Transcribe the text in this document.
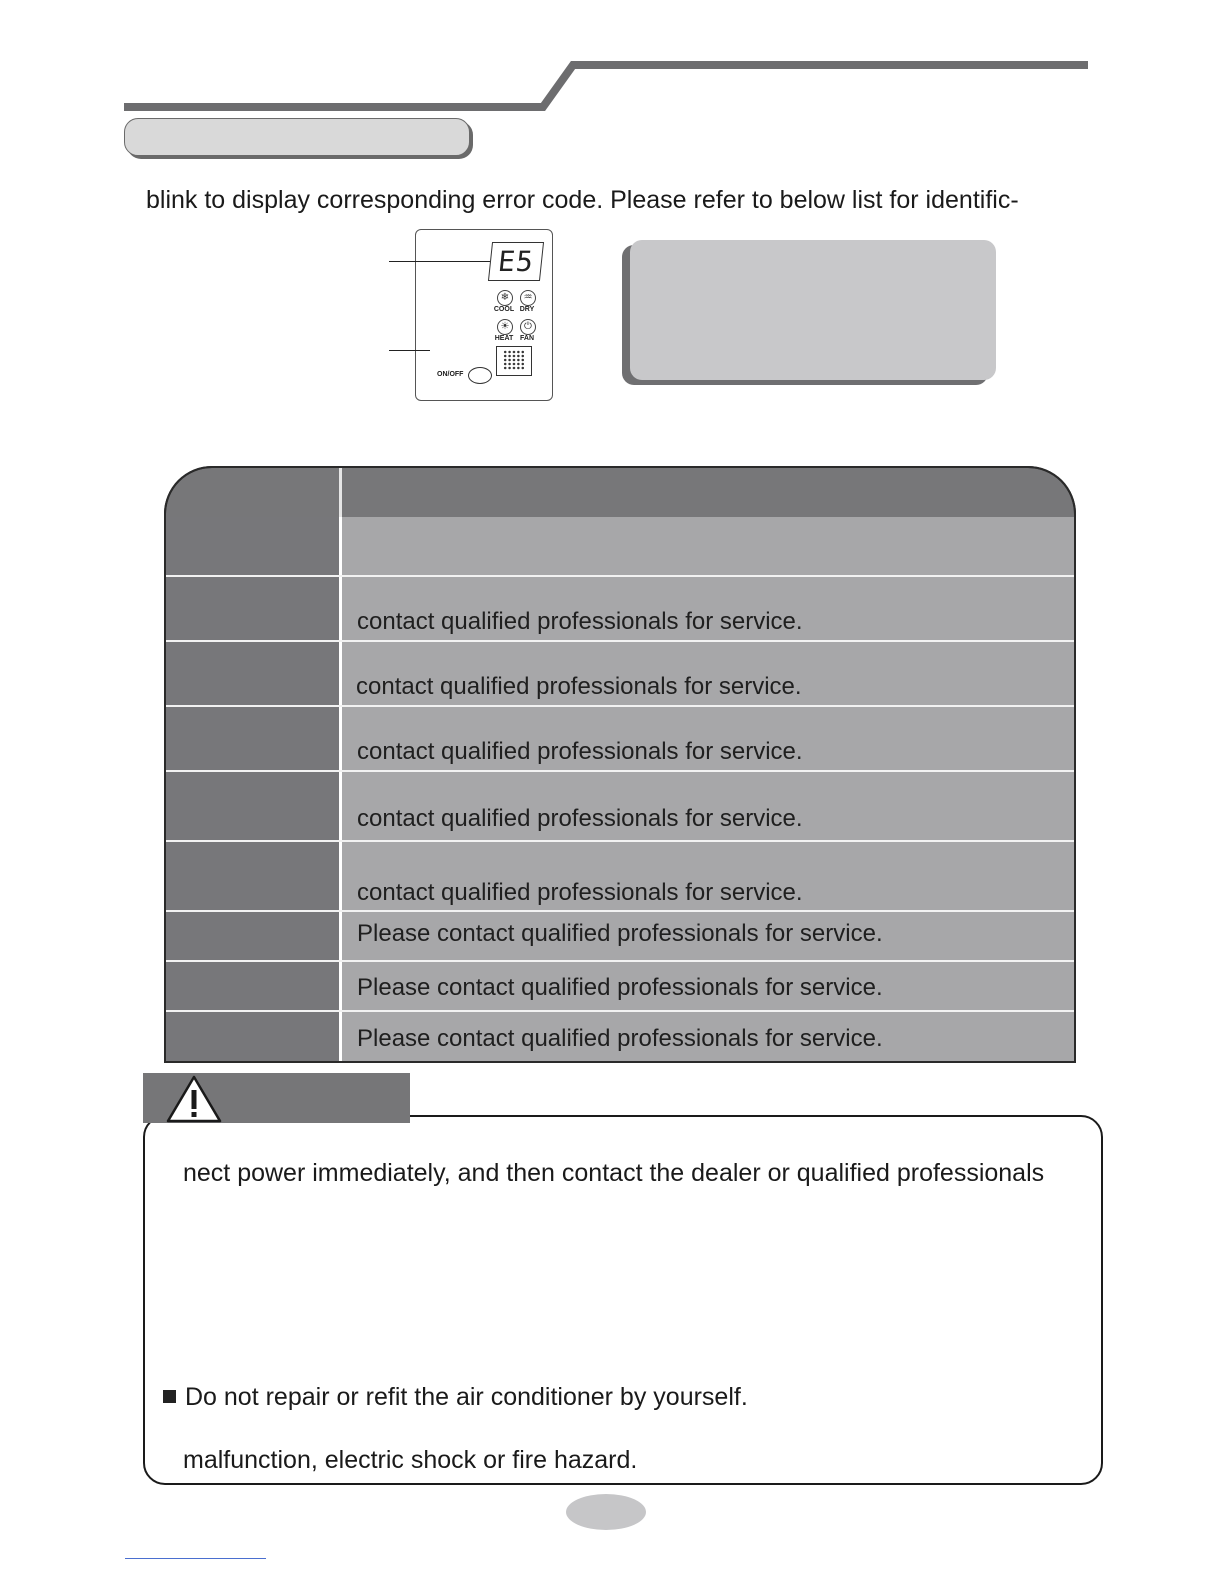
blink to display corresponding error code. Please refer to below list for identific-
E5
❄	♒
COOL DRY
☀	⏻
HEAT FAN
ON/OFF
contact qualified professionals for service.
contact qualified professionals for service.
contact qualified professionals for service.
contact qualified professionals for service.
contact qualified professionals for service.
Please contact qualified professionals for service.
Please contact qualified professionals for service.
Please contact qualified professionals for service.
nect power immediately, and then contact the dealer or qualified professionals
Do not repair or refit the air conditioner by yourself.
malfunction, electric shock or fire hazard.
